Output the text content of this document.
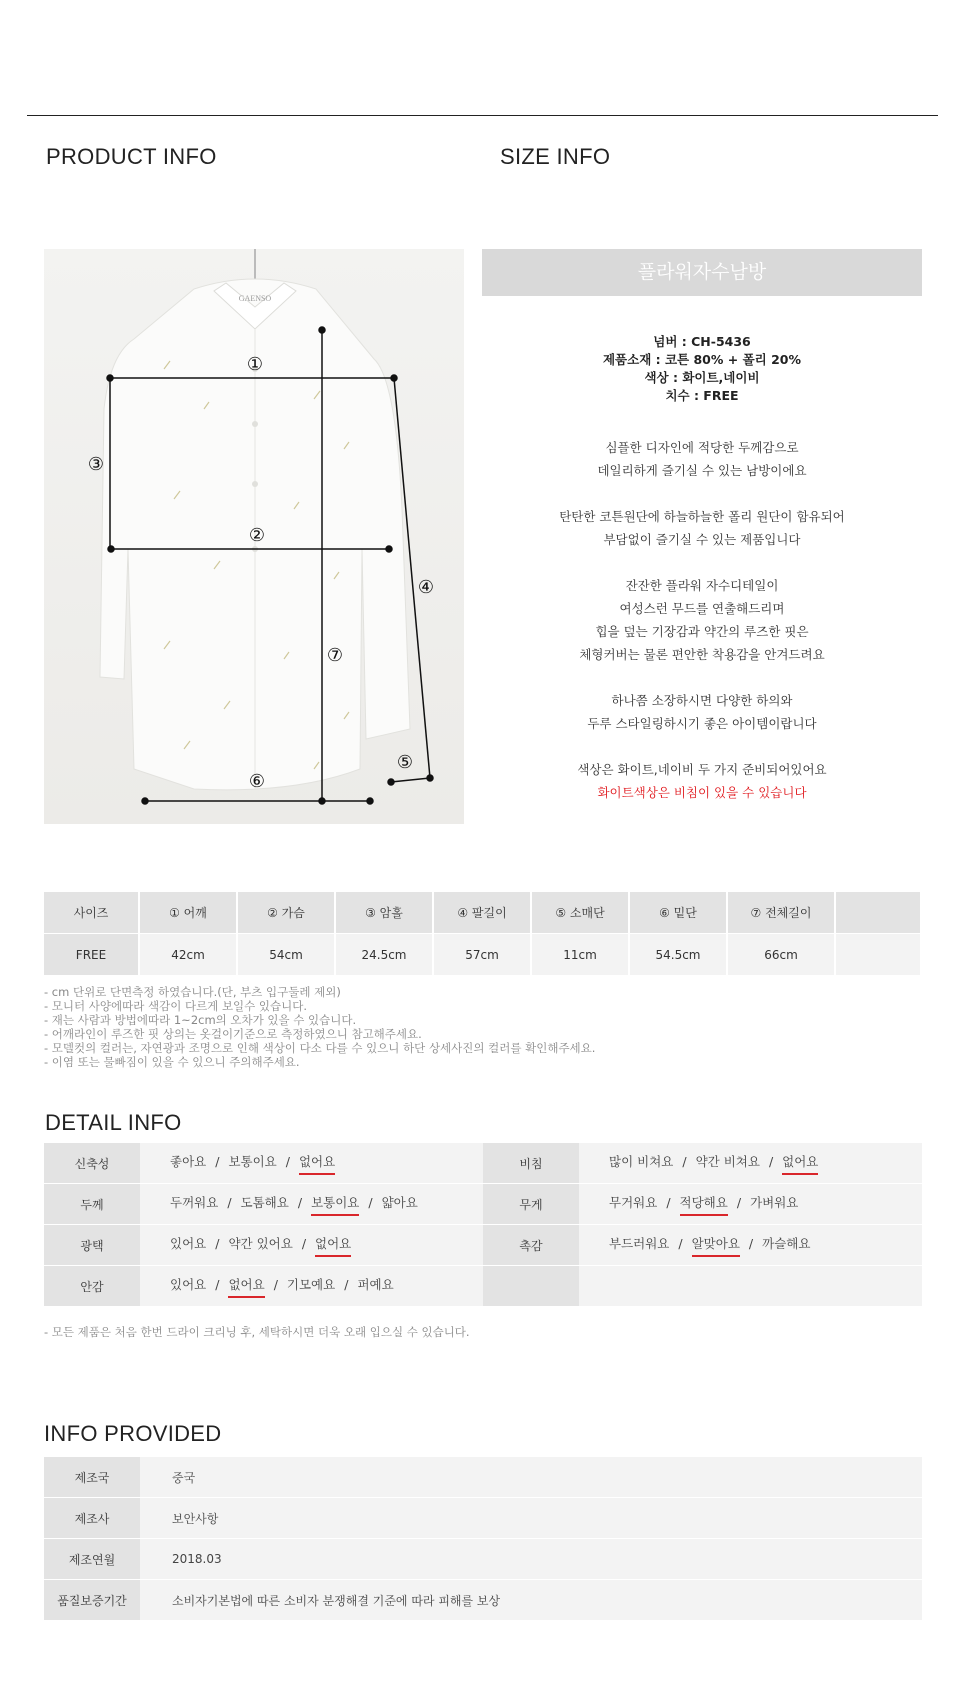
PRODUCT INFO	SIZE INFO
GAENSO
①
②
③
④
⑤
⑥
⑦
플라워자수남방
넘버 : CH-5436
제품소재 : 코튼 80% + 폴리 20%
색상 : 화이트,네이비
치수 : FREE
심플한 디자인에 적당한 두께감으로
데일리하게 즐기실 수 있는 남방이에요
탄탄한 코튼원단에 하늘하늘한 폴리 원단이 함유되어
부담없이 즐기실 수 있는 제품입니다
잔잔한 플라워 자수디테일이
여성스런 무드를 연출해드리며
힙을 덮는 기장감과 약간의 루즈한 핏은
체형커버는 물론 편안한 착용감을 안겨드려요
하나쯤 소장하시면 다양한 하의와
두루 스타일링하시기 좋은 아이템이랍니다
색상은 화이트,네이비 두 가지 준비되어있어요
화이트색상은 비침이 있을 수 있습니다
사이즈	① 어깨	② 가슴	③ 암홀	④ 팔길이	⑤ 소매단	⑥ 밑단	⑦ 전체길이	
FREE	42cm	54cm	24.5cm	57cm	11cm	54.5cm	66cm	
- cm 단위로 단면측정 하였습니다.(단, 부츠 입구둘레 제외)
- 모니터 사양에따라 색감이 다르게 보일수 있습니다.
- 재는 사람과 방법에따라 1~2cm의 오차가 있을 수 있습니다.
- 어깨라인이 루즈한 핏 상의는 옷걸이기준으로 측정하였으니 참고해주세요.
- 모델컷의 컬러는, 자연광과 조명으로 인해 색상이 다소 다를 수 있으니 하단 상세사진의 컬러를 확인해주세요.
- 이염 또는 물빠짐이 있을 수 있으니 주의해주세요.
DETAIL INFO
신축성	좋아요 / 보통이요 / 없어요	비침	많이 비쳐요 / 약간 비쳐요 / 없어요
두께	두꺼워요 / 도톰해요 / 보통이요 / 얇아요	무게	무거워요 / 적당해요 / 가벼워요
광택	있어요 / 약간 있어요 / 없어요	촉감	부드러워요 / 알맞아요 / 까슬해요
안감	있어요 / 없어요 / 기모예요 / 퍼예요		
- 모든 제품은 처음 한번 드라이 크리닝 후, 세탁하시면 더욱 오래 입으실 수 있습니다.
INFO PROVIDED
제조국	중국
제조사	보안사항
제조연월	2018.03
품질보증기간	소비자기본법에 따른 소비자 분쟁해결 기준에 따라 피해를 보상
